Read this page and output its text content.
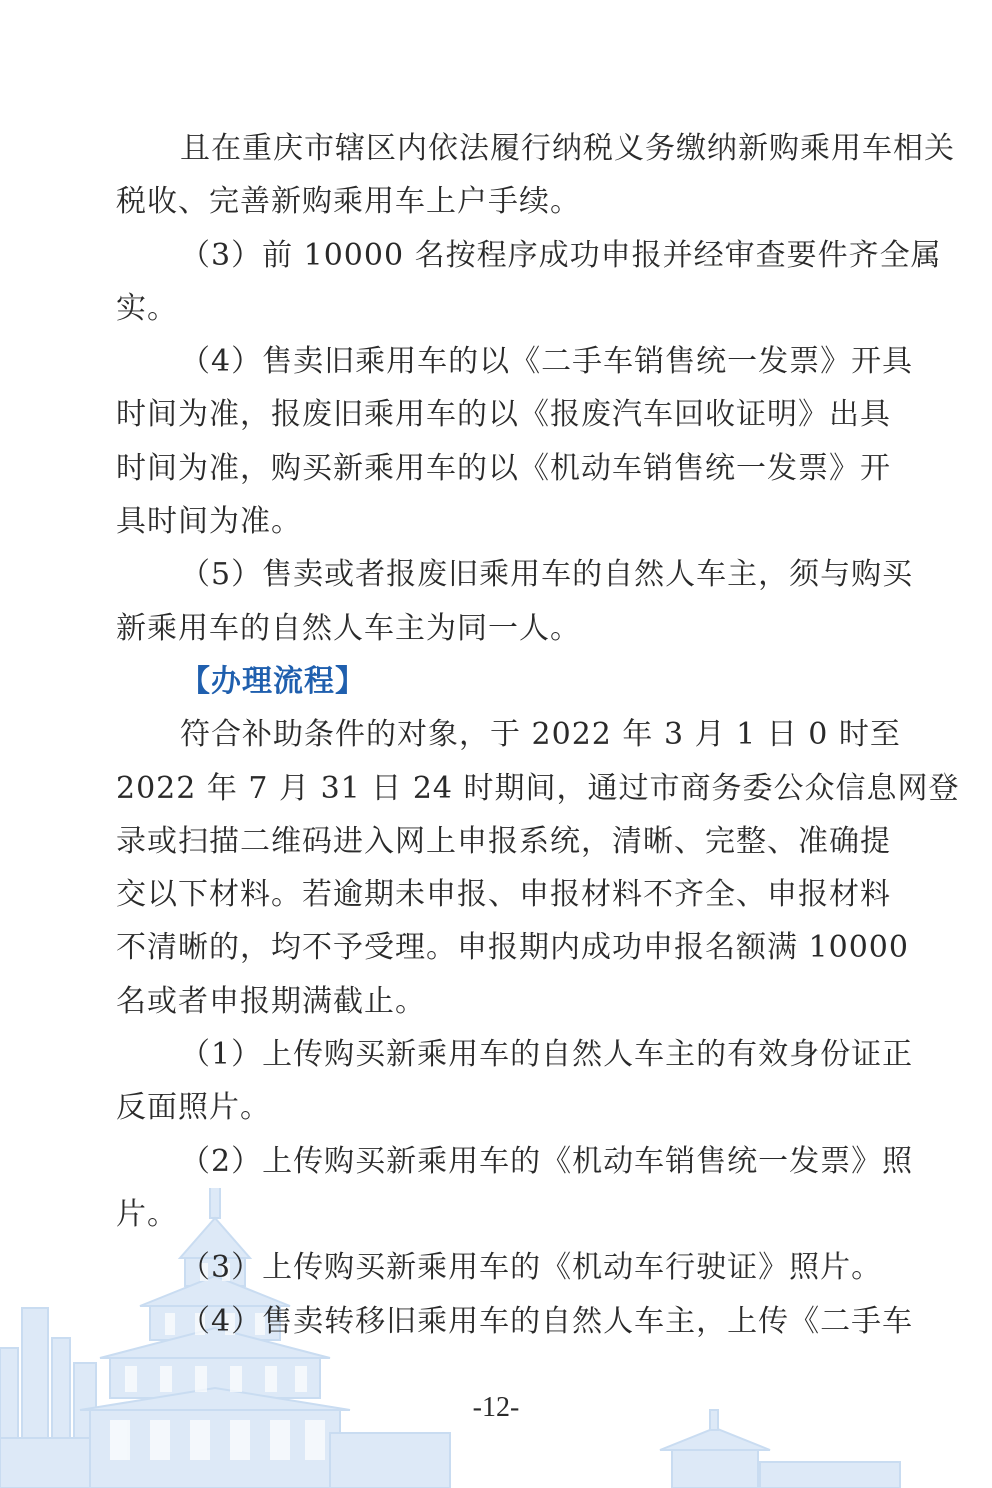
且在重庆市辖区内依法履行纳税义务缴纳新购乘用车相关
税收、完善新购乘用车上户手续。
（3）前 10000 名按程序成功申报并经审查要件齐全属
实。
（4）售卖旧乘用车的以《二手车销售统一发票》开具
时间为准，报废旧乘用车的以《报废汽车回收证明》出具
时间为准，购买新乘用车的以《机动车销售统一发票》开
具时间为准。
（5）售卖或者报废旧乘用车的自然人车主，须与购买
新乘用车的自然人车主为同一人。
【办理流程】
符合补助条件的对象，于 2022 年 3 月 1 日 0 时至
2022 年 7 月 31 日 24 时期间，通过市商务委公众信息网登
录或扫描二维码进入网上申报系统，清晰、完整、准确提
交以下材料。若逾期未申报、申报材料不齐全、申报材料
不清晰的，均不予受理。申报期内成功申报名额满 10000
名或者申报期满截止。
（1）上传购买新乘用车的自然人车主的有效身份证正
反面照片。
（2）上传购买新乘用车的《机动车销售统一发票》照
片。
（3）上传购买新乘用车的《机动车行驶证》照片。
（4）售卖转移旧乘用车的自然人车主，上传《二手车
-12-
